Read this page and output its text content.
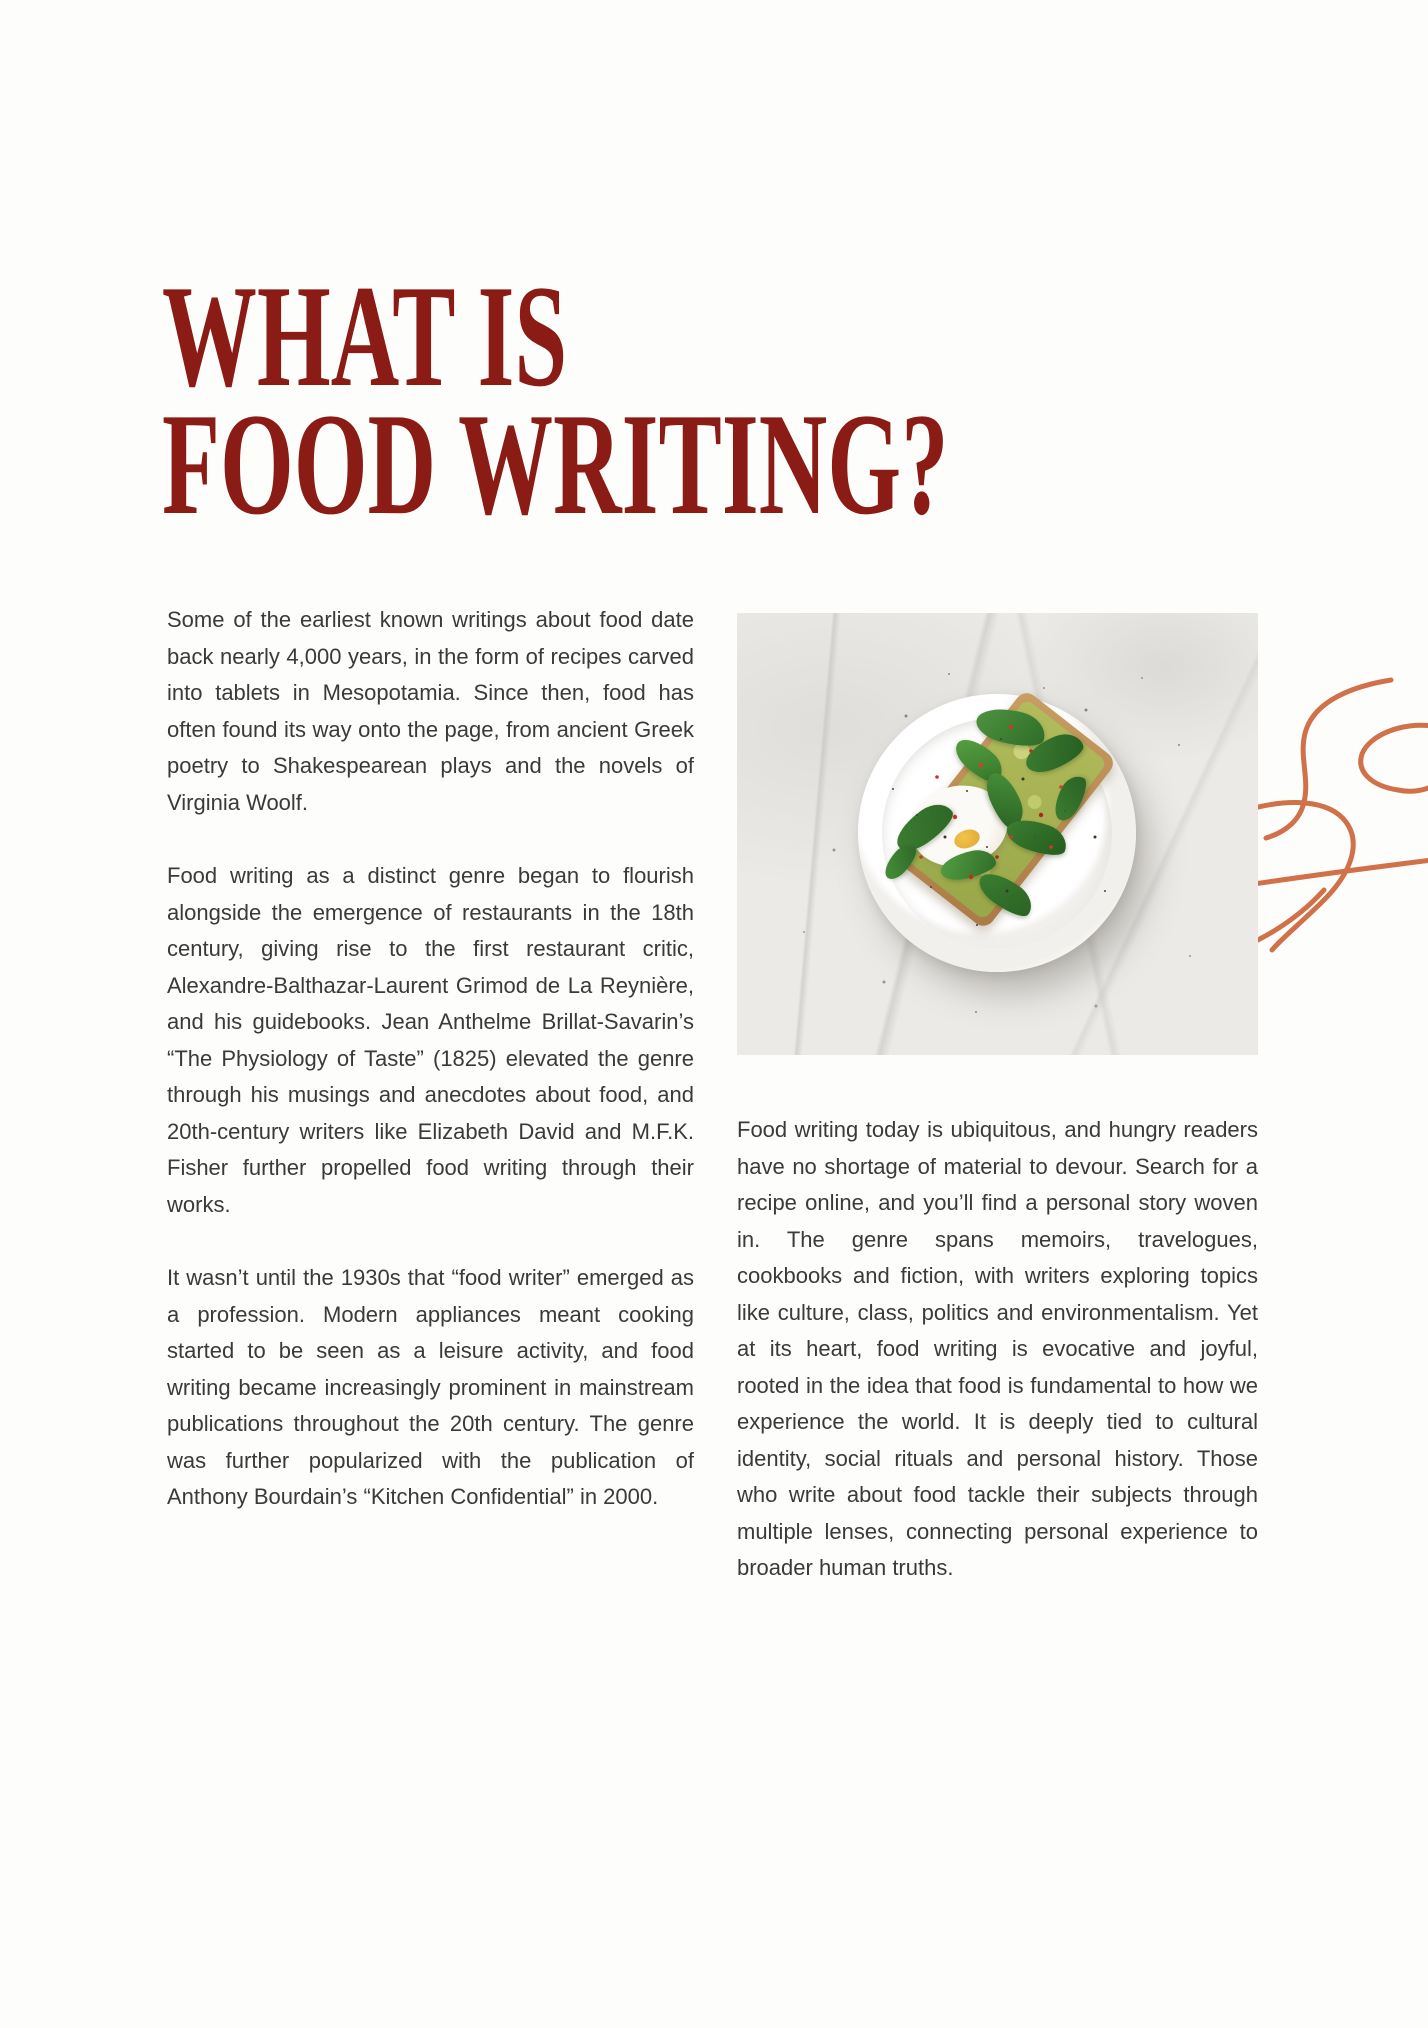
WHAT IS
FOOD WRITING?

Some of the earliest known writings about food date back nearly 4,000 years, in the form of recipes carved into tablets in Mesopotamia. Since then, food has often found its way onto the page, from ancient Greek poetry to Shakespearean plays and the novels of Virginia Woolf.

Food writing as a distinct genre began to flourish alongside the emergence of restaurants in the 18th century, giving rise to the first restaurant critic, Alexandre-Balthazar-Laurent Grimod de La Reynière, and his guidebooks. Jean Anthelme Brillat-Savarin’s “The Physiology of Taste” (1825) elevated the genre through his musings and anecdotes about food, and 20th-century writers like Elizabeth David and M.F.K. Fisher further propelled food writing through their works.

It wasn’t until the 1930s that “food writer” emerged as a profession. Modern appliances meant cooking started to be seen as a leisure activity, and food writing became increasingly prominent in mainstream publications throughout the 20th century. The genre was further popularized with the publication of Anthony Bourdain’s “Kitchen Confidential” in 2000.

Food writing today is ubiquitous, and hungry readers have no shortage of material to devour. Search for a recipe online, and you’ll find a personal story woven in. The genre spans memoirs, travelogues, cookbooks and fiction, with writers exploring topics like culture, class, politics and environmentalism. Yet at its heart, food writing is evocative and joyful, rooted in the idea that food is fundamental to how we experience the world. It is deeply tied to cultural identity, social rituals and personal history. Those who write about food tackle their subjects through multiple lenses, connecting personal experience to broader human truths.
